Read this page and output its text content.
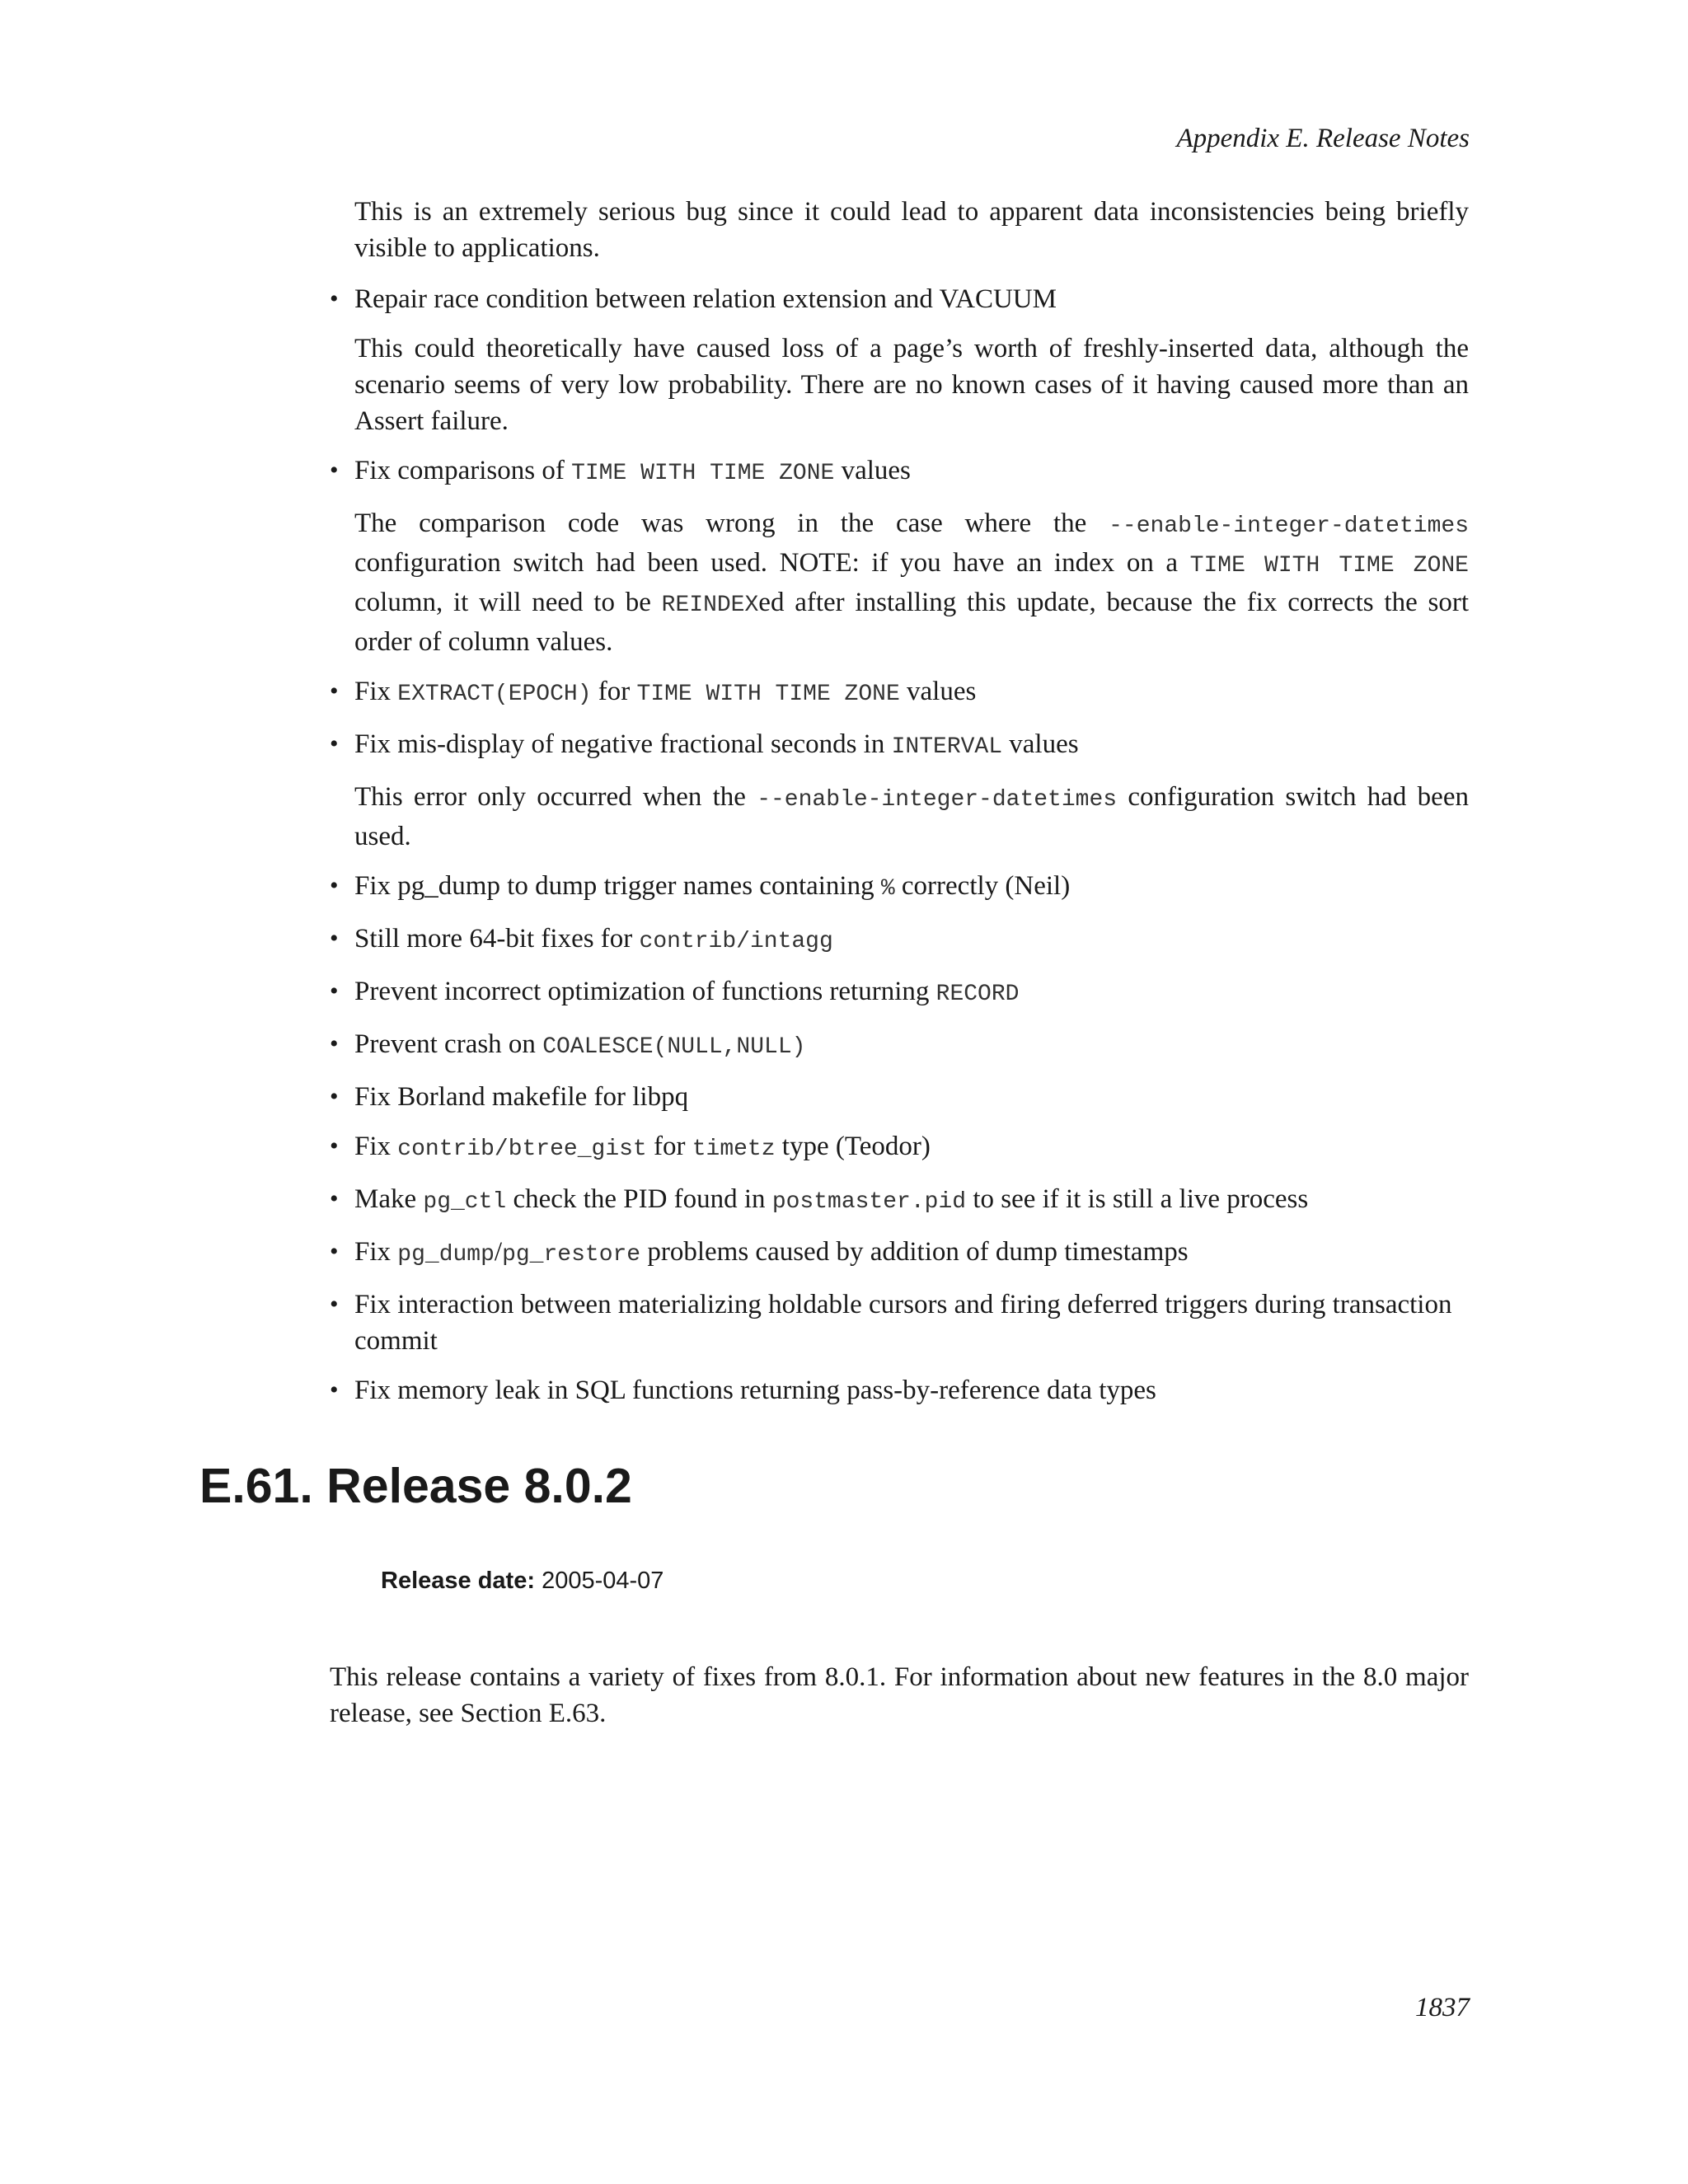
Appendix E. Release Notes

This is an extremely serious bug since it could lead to apparent data inconsistencies being briefly visible to applications.

• Repair race condition between relation extension and VACUUM
This could theoretically have caused loss of a page’s worth of freshly-inserted data, although the scenario seems of very low probability. There are no known cases of it having caused more than an Assert failure.
• Fix comparisons of TIME WITH TIME ZONE values
The comparison code was wrong in the case where the --enable-integer-datetimes configuration switch had been used. NOTE: if you have an index on a TIME WITH TIME ZONE column, it will need to be REINDEXed after installing this update, because the fix corrects the sort order of column values.
• Fix EXTRACT(EPOCH) for TIME WITH TIME ZONE values
• Fix mis-display of negative fractional seconds in INTERVAL values
This error only occurred when the --enable-integer-datetimes configuration switch had been used.
• Fix pg_dump to dump trigger names containing % correctly (Neil)
• Still more 64-bit fixes for contrib/intagg
• Prevent incorrect optimization of functions returning RECORD
• Prevent crash on COALESCE(NULL,NULL)
• Fix Borland makefile for libpq
• Fix contrib/btree_gist for timetz type (Teodor)
• Make pg_ctl check the PID found in postmaster.pid to see if it is still a live process
• Fix pg_dump/pg_restore problems caused by addition of dump timestamps
• Fix interaction between materializing holdable cursors and firing deferred triggers during transaction commit
• Fix memory leak in SQL functions returning pass-by-reference data types
E.61. Release 8.0.2
Release date: 2005-04-07

This release contains a variety of fixes from 8.0.1. For information about new features in the 8.0 major release, see Section E.63.

1837
